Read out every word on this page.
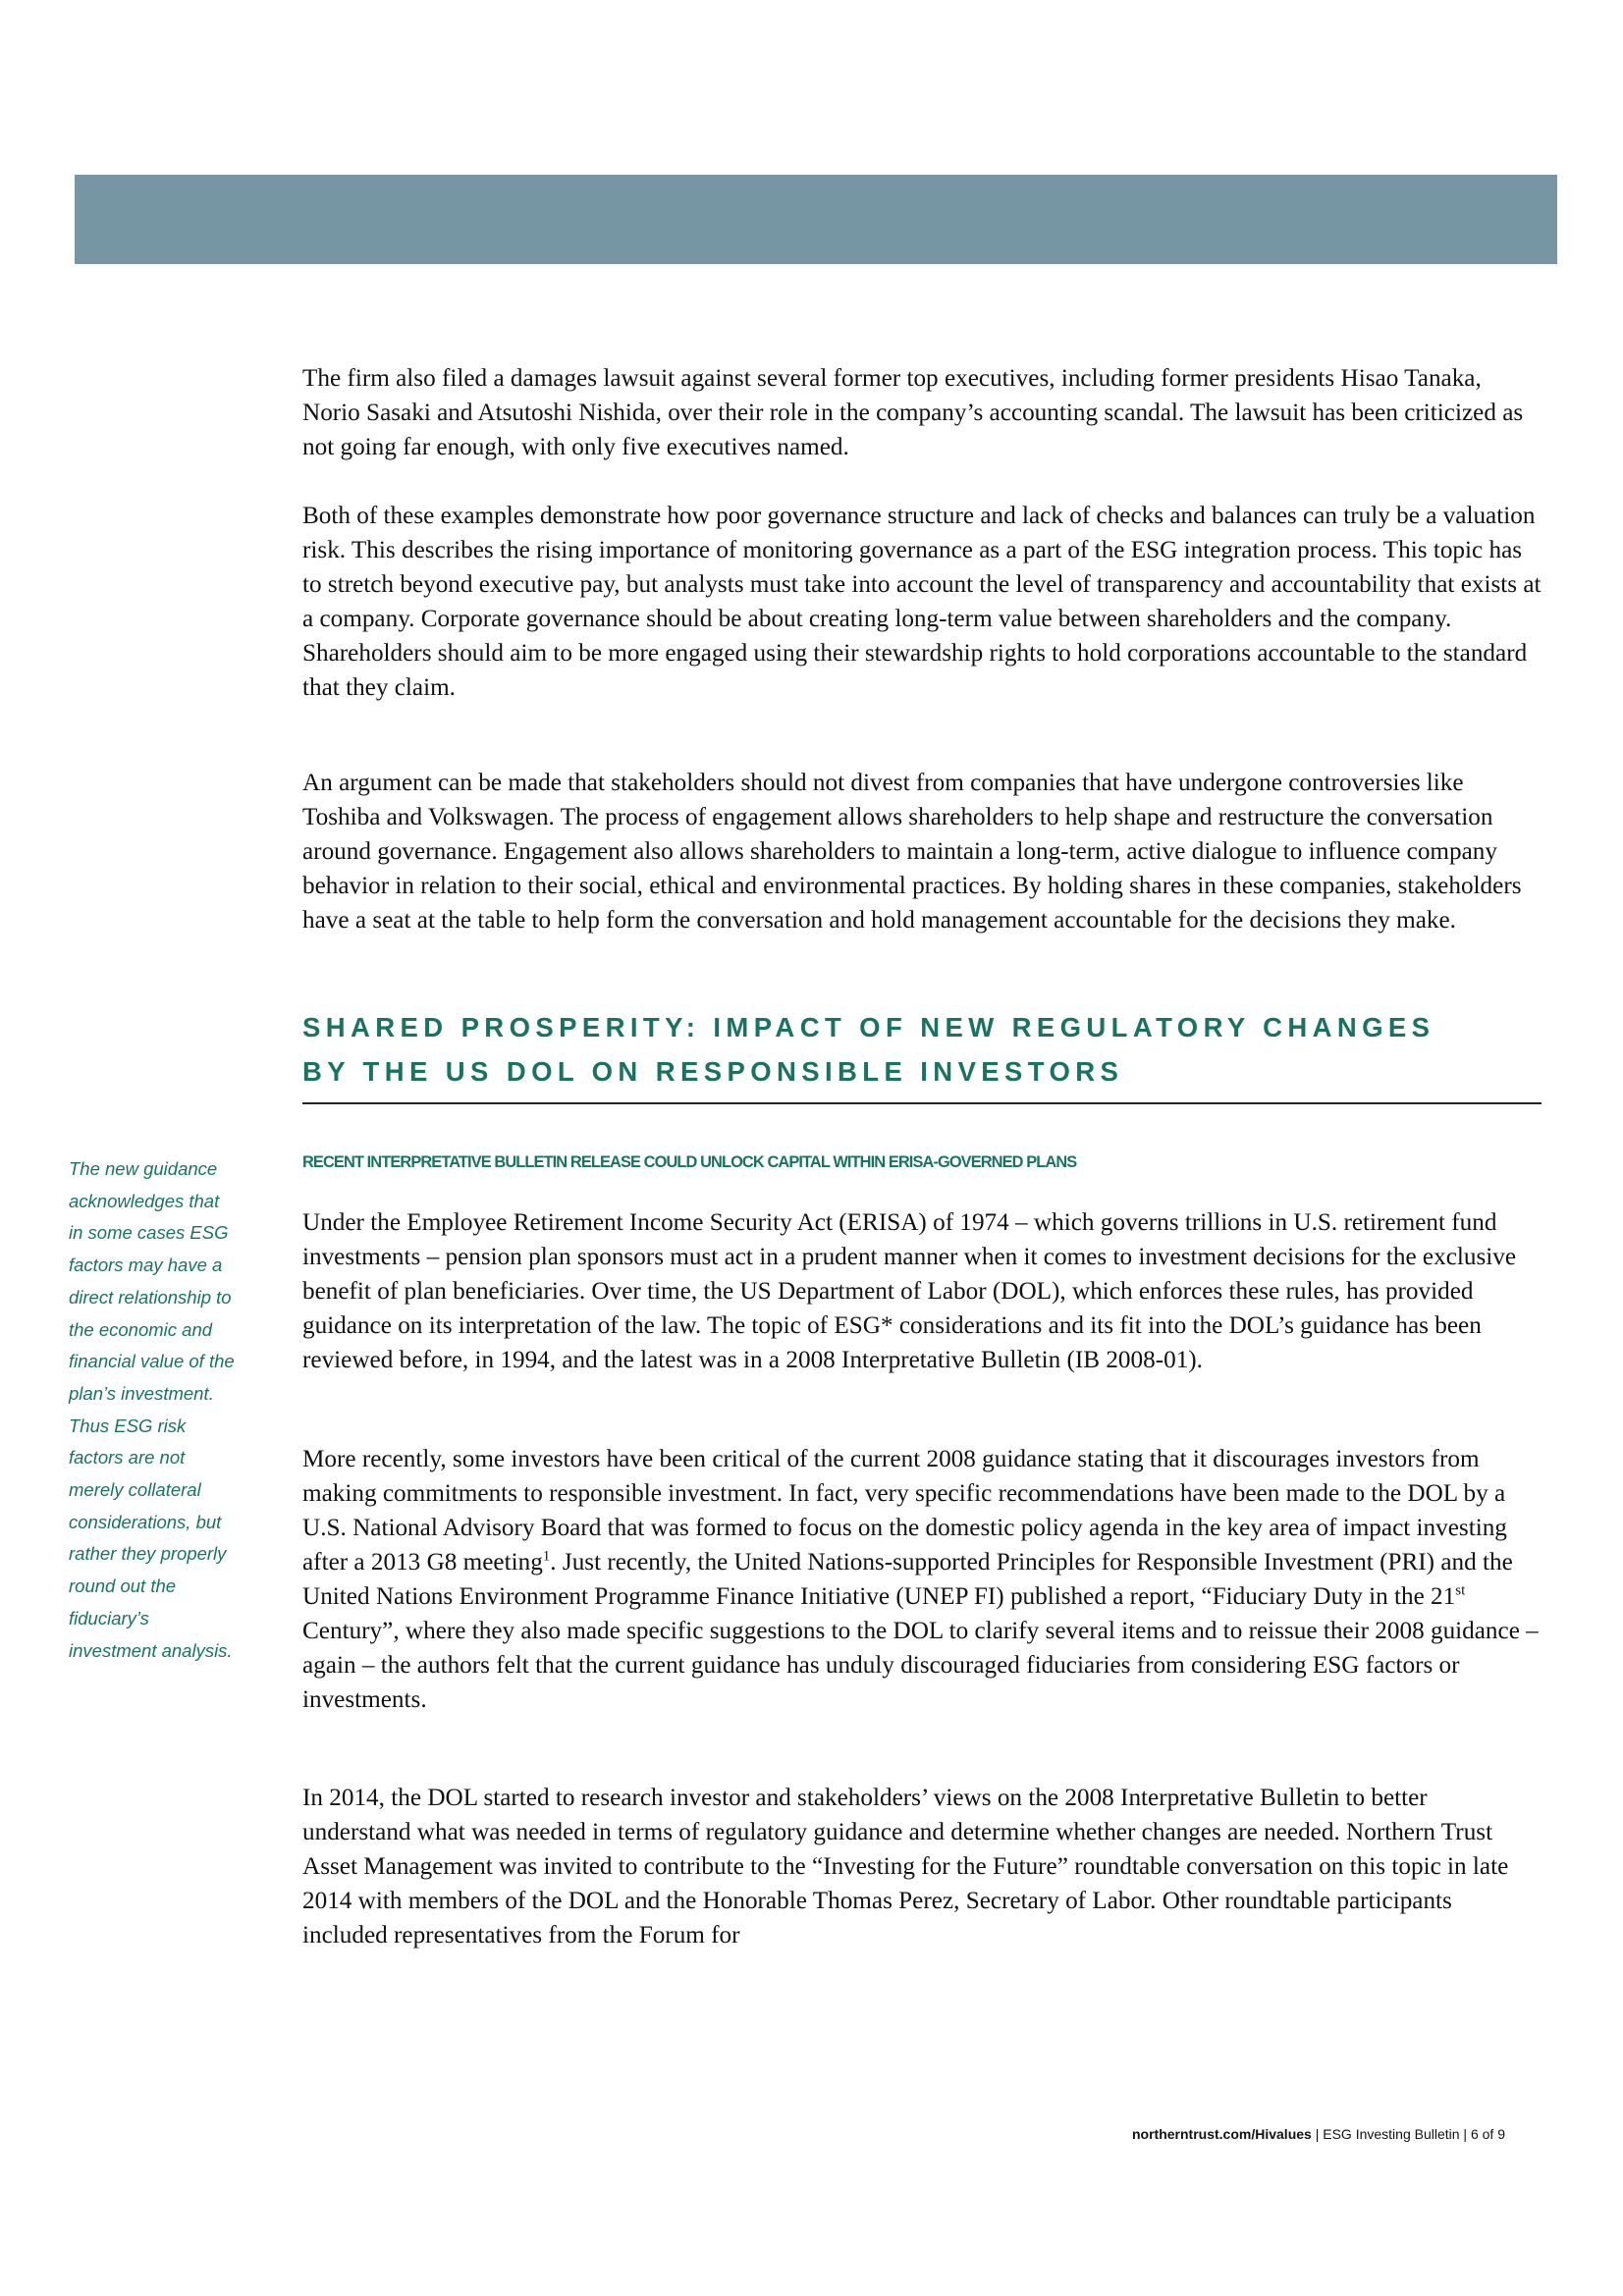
The firm also filed a damages lawsuit against several former top executives, including former presidents Hisao Tanaka, Norio Sasaki and Atsutoshi Nishida, over their role in the company’s accounting scandal. The lawsuit has been criticized as not going far enough, with only five executives named.

Both of these examples demonstrate how poor governance structure and lack of checks and balances can truly be a valuation risk. This describes the rising importance of monitoring governance as a part of the ESG integration process. This topic has to stretch beyond executive pay, but analysts must take into account the level of transparency and accountability that exists at a company. Corporate governance should be about creating long-term value between shareholders and the company. Shareholders should aim to be more engaged using their stewardship rights to hold corporations accountable to the standard that they claim.

An argument can be made that stakeholders should not divest from companies that have undergone controversies like Toshiba and Volkswagen. The process of engagement allows shareholders to help shape and restructure the conversation around governance. Engagement also allows shareholders to maintain a long-term, active dialogue to influence company behavior in relation to their social, ethical and environmental practices. By holding shares in these companies, stakeholders have a seat at the table to help form the conversation and hold management accountable for the decisions they make.

SHARED PROSPERITY: IMPACT OF NEW REGULATORY CHANGES
BY THE US DOL ON RESPONSIBLE INVESTORS
RECENT INTERPRETATIVE BULLETIN RELEASE COULD UNLOCK CAPITAL WITHIN ERISA-GOVERNED PLANS

Under the Employee Retirement Income Security Act (ERISA) of 1974 – which governs trillions in U.S. retirement fund investments – pension plan sponsors must act in a prudent manner when it comes to investment decisions for the exclusive benefit of plan beneficiaries. Over time, the US Department of Labor (DOL), which enforces these rules, has provided guidance on its interpretation of the law. The topic of ESG* considerations and its fit into the DOL’s guidance has been reviewed before, in 1994, and the latest was in a 2008 Interpretative Bulletin (IB 2008-01).

More recently, some investors have been critical of the current 2008 guidance stating that it discourages investors from making commitments to responsible investment. In fact, very specific recommendations have been made to the DOL by a U.S. National Advisory Board that was formed to focus on the domestic policy agenda in the key area of impact investing after a 2013 G8 meeting$^1$. Just recently, the United Nations-supported Principles for Responsible Investment (PRI) and the United Nations Environment Programme Finance Initiative (UNEP FI) published a report, “Fiduciary Duty in the 21st Century”, where they also made specific suggestions to the DOL to clarify several items and to reissue their 2008 guidance – again – the authors felt that the current guidance has unduly discouraged fiduciaries from considering ESG factors or investments.

In 2014, the DOL started to research investor and stakeholders’ views on the 2008 Interpretative Bulletin to better understand what was needed in terms of regulatory guidance and determine whether changes are needed. Northern Trust Asset Management was invited to contribute to the “Investing for the Future” roundtable conversation on this topic in late 2014 with members of the DOL and the Honorable Thomas Perez, Secretary of Labor. Other roundtable participants included representatives from the Forum for

The new guidance acknowledges that in some cases ESG factors may have a direct relationship to the economic and financial value of the plan’s investment. Thus ESG risk factors are not merely collateral considerations, but rather they properly round out the fiduciary’s investment analysis.

northerntrust.com/Hivalues | ESG Investing Bulletin | 6 of 9
